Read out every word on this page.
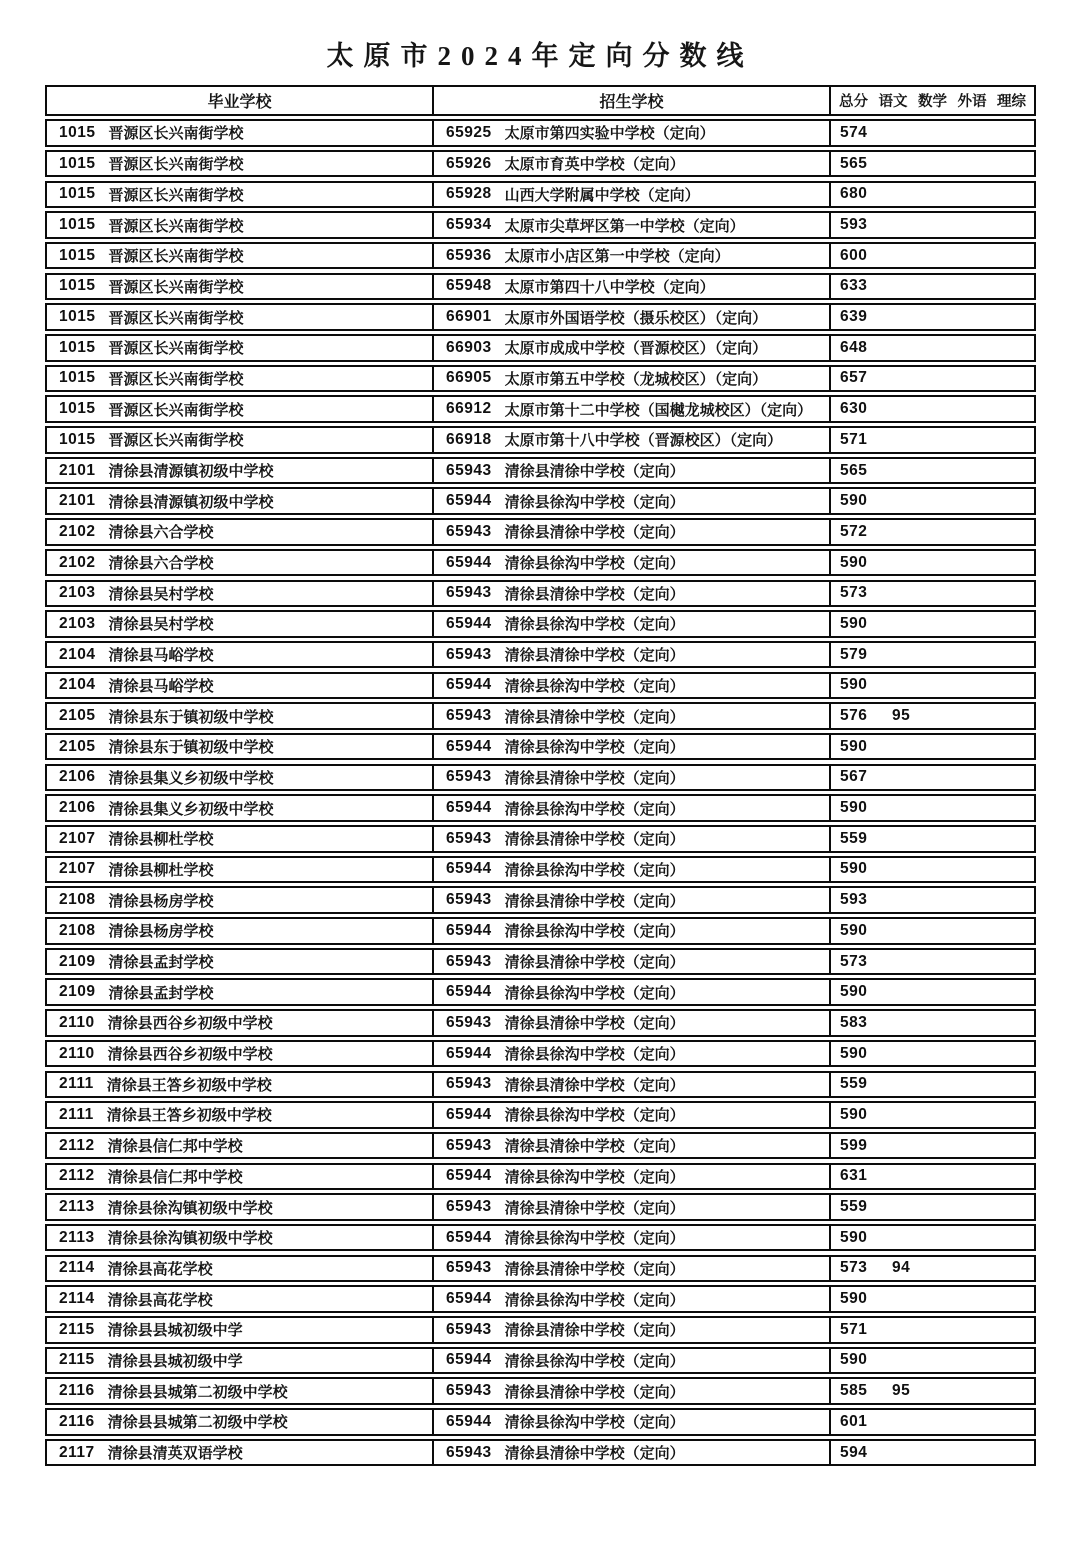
太原市2024年定向分数线
毕业学校	招生学校	总分 语文 数学 外语 理综
1015 晋源区长兴南街学校	65925 太原市第四实验中学校（定向）	574
1015 晋源区长兴南街学校	65926 太原市育英中学校（定向）	565
1015 晋源区长兴南街学校	65928 山西大学附属中学校（定向）	680
1015 晋源区长兴南街学校	65934 太原市尖草坪区第一中学校（定向）	593
1015 晋源区长兴南街学校	65936 太原市小店区第一中学校（定向）	600
1015 晋源区长兴南街学校	65948 太原市第四十八中学校（定向）	633
1015 晋源区长兴南街学校	66901 太原市外国语学校（摄乐校区）（定向）	639
1015 晋源区长兴南街学校	66903 太原市成成中学校（晋源校区）（定向）	648
1015 晋源区长兴南街学校	66905 太原市第五中学校（龙城校区）（定向）	657
1015 晋源区长兴南街学校	66912 太原市第十二中学校（国樾龙城校区）（定向）	630
1015 晋源区长兴南街学校	66918 太原市第十八中学校（晋源校区）（定向）	571
2101 清徐县清源镇初级中学校	65943 清徐县清徐中学校（定向）	565
2101 清徐县清源镇初级中学校	65944 清徐县徐沟中学校（定向）	590
2102 清徐县六合学校	65943 清徐县清徐中学校（定向）	572
2102 清徐县六合学校	65944 清徐县徐沟中学校（定向）	590
2103 清徐县吴村学校	65943 清徐县清徐中学校（定向）	573
2103 清徐县吴村学校	65944 清徐县徐沟中学校（定向）	590
2104 清徐县马峪学校	65943 清徐县清徐中学校（定向）	579
2104 清徐县马峪学校	65944 清徐县徐沟中学校（定向）	590
2105 清徐县东于镇初级中学校	65943 清徐县清徐中学校（定向）	576	95
2105 清徐县东于镇初级中学校	65944 清徐县徐沟中学校（定向）	590
2106 清徐县集义乡初级中学校	65943 清徐县清徐中学校（定向）	567
2106 清徐县集义乡初级中学校	65944 清徐县徐沟中学校（定向）	590
2107 清徐县柳杜学校	65943 清徐县清徐中学校（定向）	559
2107 清徐县柳杜学校	65944 清徐县徐沟中学校（定向）	590
2108 清徐县杨房学校	65943 清徐县清徐中学校（定向）	593
2108 清徐县杨房学校	65944 清徐县徐沟中学校（定向）	590
2109 清徐县孟封学校	65943 清徐县清徐中学校（定向）	573
2109 清徐县孟封学校	65944 清徐县徐沟中学校（定向）	590
2110 清徐县西谷乡初级中学校	65943 清徐县清徐中学校（定向）	583
2110 清徐县西谷乡初级中学校	65944 清徐县徐沟中学校（定向）	590
2111 清徐县王答乡初级中学校	65943 清徐县清徐中学校（定向）	559
2111 清徐县王答乡初级中学校	65944 清徐县徐沟中学校（定向）	590
2112 清徐县信仁邦中学校	65943 清徐县清徐中学校（定向）	599
2112 清徐县信仁邦中学校	65944 清徐县徐沟中学校（定向）	631
2113 清徐县徐沟镇初级中学校	65943 清徐县清徐中学校（定向）	559
2113 清徐县徐沟镇初级中学校	65944 清徐县徐沟中学校（定向）	590
2114 清徐县高花学校	65943 清徐县清徐中学校（定向）	573	94
2114 清徐县高花学校	65944 清徐县徐沟中学校（定向）	590
2115 清徐县县城初级中学	65943 清徐县清徐中学校（定向）	571
2115 清徐县县城初级中学	65944 清徐县徐沟中学校（定向）	590
2116 清徐县县城第二初级中学校	65943 清徐县清徐中学校（定向）	585	95
2116 清徐县县城第二初级中学校	65944 清徐县徐沟中学校（定向）	601
2117 清徐县清英双语学校	65943 清徐县清徐中学校（定向）	594
